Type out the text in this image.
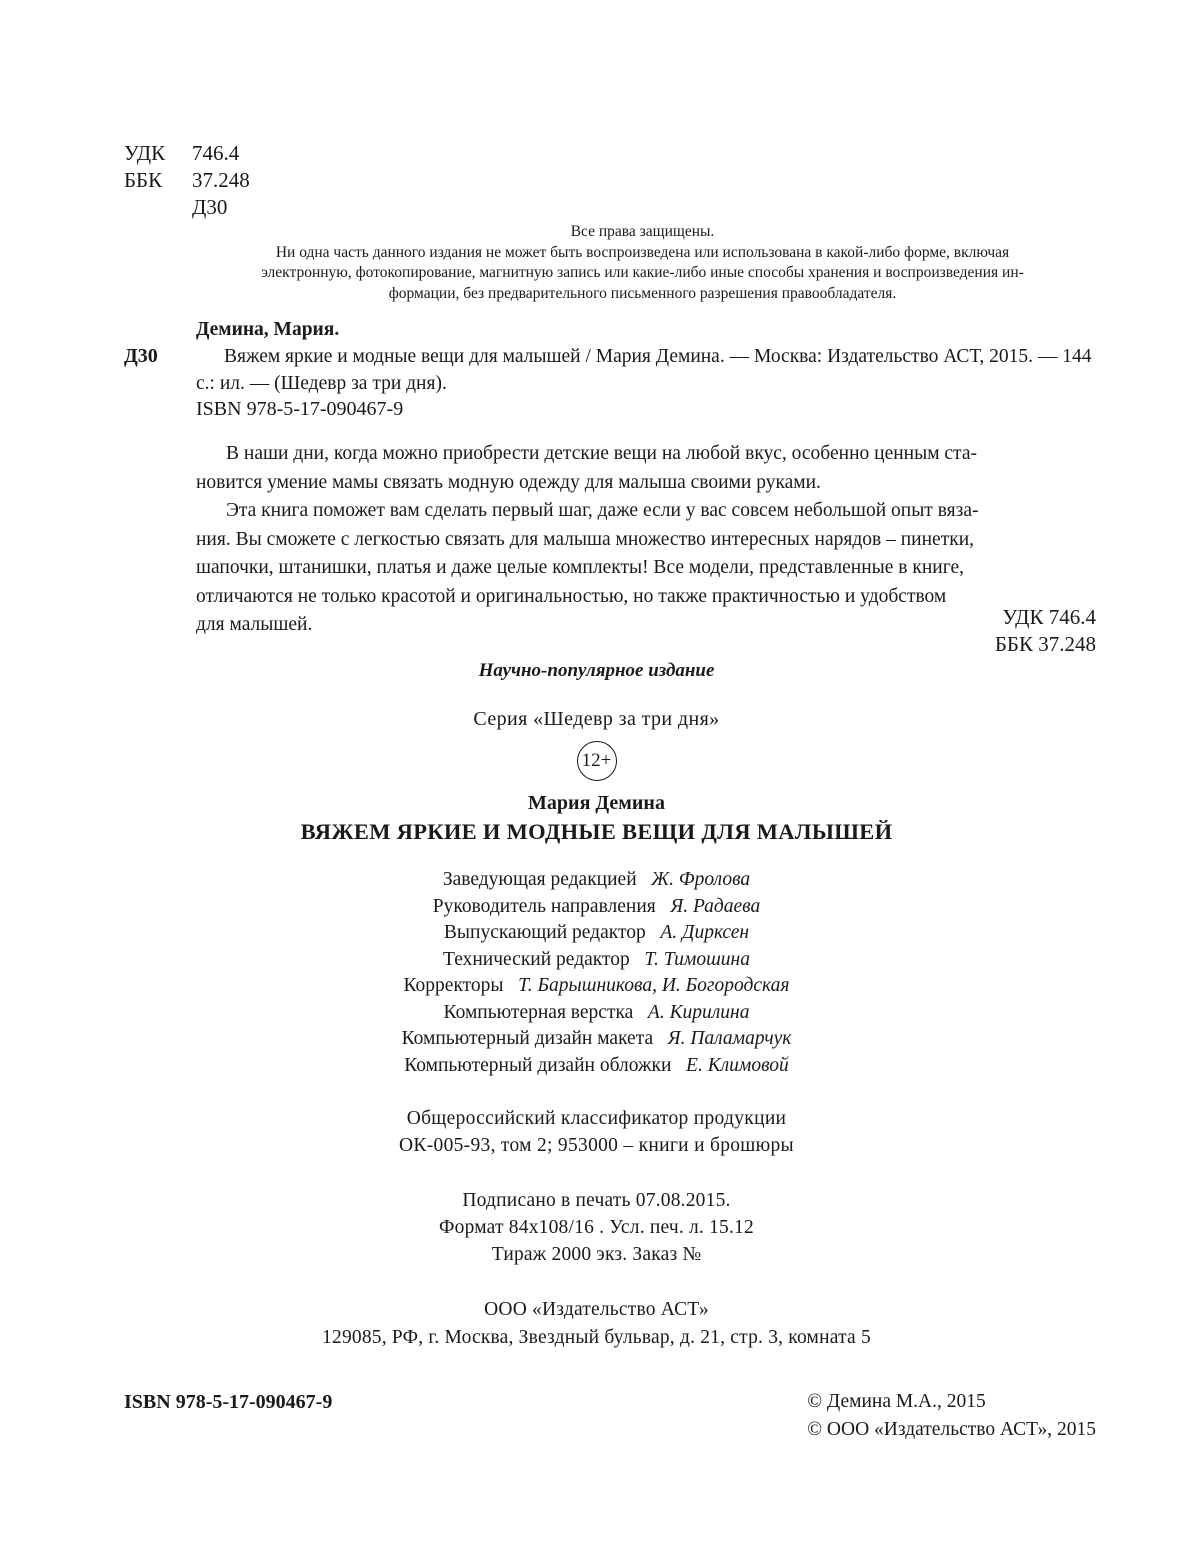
УДК	746.4
ББК	37.248
Д30
Все права защищены.
Ни одна часть данного издания не может быть воспроизведена или использована в какой-либо форме, включая
электронную, фотокопирование, магнитную запись или какие-либо иные способы хранения и воспроизведения ин-
формации, без предварительного письменного разрешения правообладателя.
Демина, Мария.
Д30	Вяжем яркие и модные вещи для малышей / Мария Демина. — Москва: Издательство АСТ, 2015. — 144 с.: ил. — (Шедевр за три дня).
ISBN 978-5-17-090467-9

В наши дни, когда можно приобрести детские вещи на любой вкус, особенно ценным ста-
новится умение мамы связать модную одежду для малыша своими руками.

Эта книга поможет вам сделать первый шаг, даже если у вас совсем небольшой опыт вяза-
ния. Вы сможете с легкостью связать для малыша множество интересных нарядов – пинетки,
шапочки, штанишки, платья и даже целые комплекты! Все модели, представленные в книге,
отличаются не только красотой и оригинальностью, но также практичностью и удобством
для малышей.	УДК 746.4
ББК 37.248
Научно-популярное издание
Серия «Шедевр за три дня»
12+
Мария Демина
ВЯЖЕМ ЯРКИЕ И МОДНЫЕ ВЕЩИ ДЛЯ МАЛЫШЕЙ
Заведующая редакцией Ж. Фролова
Руководитель направления Я. Радаева
Выпускающий редактор А. Дирксен
Технический редактор Т. Тимошина
Корректоры Т. Барышникова, И. Богородская
Компьютерная верстка А. Кирилина
Компьютерный дизайн макета Я. Паламарчук
Компьютерный дизайн обложки Е. Климовой
Общероссийский классификатор продукции
ОК-005-93, том 2; 953000 – книги и брошюры
Подписано в печать 07.08.2015.
Формат 84х108/16 . Усл. печ. л. 15.12
Тираж 2000 экз. Заказ №
ООО «Издательство АСТ»
129085, РФ, г. Москва, Звездный бульвар, д. 21, стр. 3, комната 5
ISBN 978-5-17-090467-9	© Демина М.А., 2015
© ООО «Издательство АСТ», 2015
